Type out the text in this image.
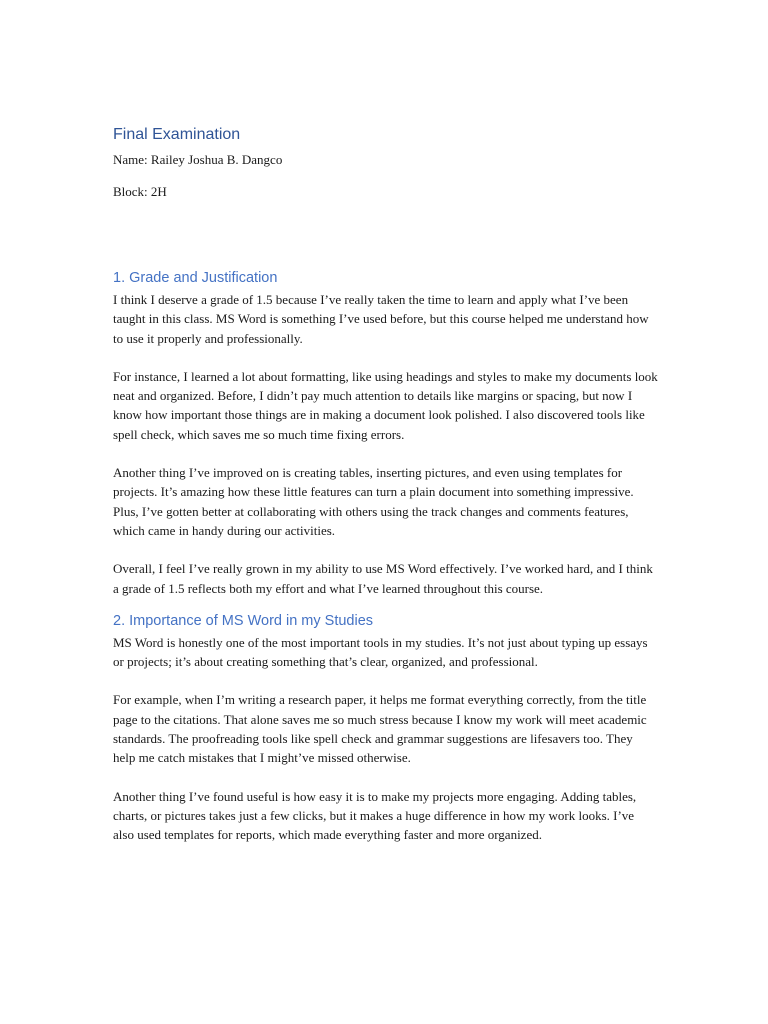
Final Examination

Name: Railey Joshua B. Dangco

Block: 2H

1. Grade and Justification

I think I deserve a grade of 1.5 because I’ve really taken the time to learn and apply what I’ve been taught in this class. MS Word is something I’ve used before, but this course helped me understand how to use it properly and professionally.

For instance, I learned a lot about formatting, like using headings and styles to make my documents look neat and organized. Before, I didn’t pay much attention to details like margins or spacing, but now I know how important those things are in making a document look polished. I also discovered tools like spell check, which saves me so much time fixing errors.

Another thing I’ve improved on is creating tables, inserting pictures, and even using templates for projects. It’s amazing how these little features can turn a plain document into something impressive. Plus, I’ve gotten better at collaborating with others using the track changes and comments features, which came in handy during our activities.

Overall, I feel I’ve really grown in my ability to use MS Word effectively. I’ve worked hard, and I think a grade of 1.5 reflects both my effort and what I’ve learned throughout this course.

2. Importance of MS Word in my Studies

MS Word is honestly one of the most important tools in my studies. It’s not just about typing up essays or projects; it’s about creating something that’s clear, organized, and professional.

For example, when I’m writing a research paper, it helps me format everything correctly, from the title page to the citations. That alone saves me so much stress because I know my work will meet academic standards. The proofreading tools like spell check and grammar suggestions are lifesavers too. They help me catch mistakes that I might’ve missed otherwise.

Another thing I’ve found useful is how easy it is to make my projects more engaging. Adding tables, charts, or pictures takes just a few clicks, but it makes a huge difference in how my work looks. I’ve also used templates for reports, which made everything faster and more organized.
